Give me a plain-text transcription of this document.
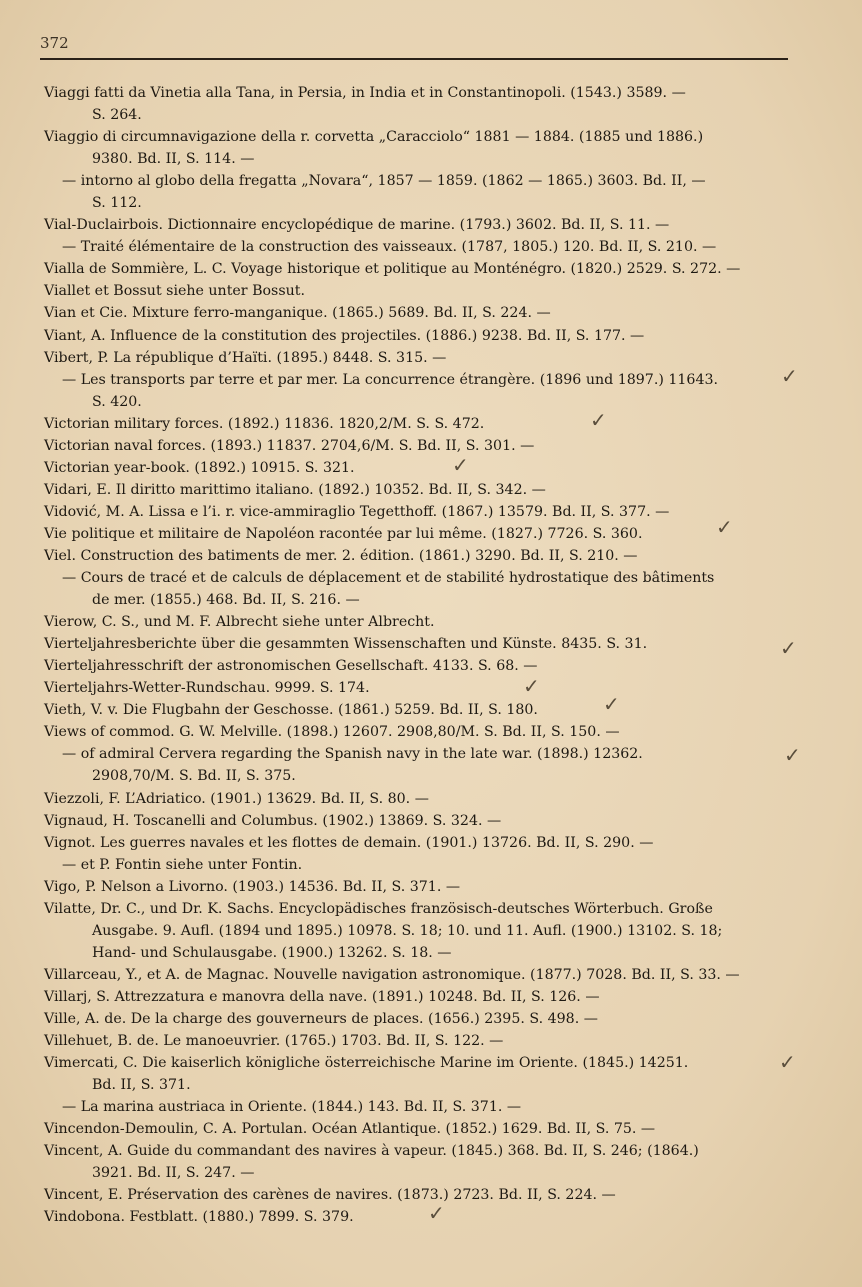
372
Viaggi fatti da Vinetia alla Tana, in Persia, in India et in Constantinopoli. (1543.) 3589. —
S. 264.
Viaggio di circumnavigazione della r. corvetta „Caracciolo“ 1881 — 1884. (1885 und 1886.)
9380. Bd. II, S. 114. —
— intorno al globo della fregatta „Novara“, 1857 — 1859. (1862 — 1865.) 3603. Bd. II, —
S. 112.
Vial-Duclairbois. Dictionnaire encyclopédique de marine. (1793.) 3602. Bd. II, S. 11. —
— Traité élémentaire de la construction des vaisseaux. (1787, 1805.) 120. Bd. II, S. 210. —
Vialla de Sommière, L. C. Voyage historique et politique au Monténégro. (1820.) 2529. S. 272. —
Viallet et Bossut siehe unter Bossut.
Vian et Cie. Mixture ferro-manganique. (1865.) 5689. Bd. II, S. 224. —
Viant, A. Influence de la constitution des projectiles. (1886.) 9238. Bd. II, S. 177. —
Vibert, P. La république d’Haïti. (1895.) 8448. S. 315. —
— Les transports par terre et par mer. La concurrence étrangère. (1896 und 1897.) 11643.
S. 420.
Victorian military forces. (1892.) 11836. 1820,2/M. S. S. 472.
Victorian naval forces. (1893.) 11837. 2704,6/M. S. Bd. II, S. 301. —
Victorian year-book. (1892.) 10915. S. 321.
Vidari, E. Il diritto marittimo italiano. (1892.) 10352. Bd. II, S. 342. —
Vidović, M. A. Lissa e l’i. r. vice-ammiraglio Tegetthoff. (1867.) 13579. Bd. II, S. 377. —
Vie politique et militaire de Napoléon racontée par lui même. (1827.) 7726. S. 360.
Viel. Construction des batiments de mer. 2. édition. (1861.) 3290. Bd. II, S. 210. —
— Cours de tracé et de calculs de déplacement et de stabilité hydrostatique des bâtiments
de mer. (1855.) 468. Bd. II, S. 216. —
Vierow, C. S., und M. F. Albrecht siehe unter Albrecht.
Vierteljahresberichte über die gesammten Wissenschaften und Künste. 8435. S. 31.
Vierteljahresschrift der astronomischen Gesellschaft. 4133. S. 68. —
Vierteljahrs-Wetter-Rundschau. 9999. S. 174.
Vieth, V. v. Die Flugbahn der Geschosse. (1861.) 5259. Bd. II, S. 180.
Views of commod. G. W. Melville. (1898.) 12607. 2908,80/M. S. Bd. II, S. 150. —
— of admiral Cervera regarding the Spanish navy in the late war. (1898.) 12362.
2908,70/M. S. Bd. II, S. 375.
Viezzoli, F. L’Adriatico. (1901.) 13629. Bd. II, S. 80. —
Vignaud, H. Toscanelli and Columbus. (1902.) 13869. S. 324. —
Vignot. Les guerres navales et les flottes de demain. (1901.) 13726. Bd. II, S. 290. —
— et P. Fontin siehe unter Fontin.
Vigo, P. Nelson a Livorno. (1903.) 14536. Bd. II, S. 371. —
Vilatte, Dr. C., und Dr. K. Sachs. Encyclopädisches französisch-deutsches Wörterbuch. Große
Ausgabe. 9. Aufl. (1894 und 1895.) 10978. S. 18; 10. und 11. Aufl. (1900.) 13102. S. 18;
Hand- und Schulausgabe. (1900.) 13262. S. 18. —
Villarceau, Y., et A. de Magnac. Nouvelle navigation astronomique. (1877.) 7028. Bd. II, S. 33. —
Villarj, S. Attrezzatura e manovra della nave. (1891.) 10248. Bd. II, S. 126. —
Ville, A. de. De la charge des gouverneurs de places. (1656.) 2395. S. 498. —
Villehuet, B. de. Le manoeuvrier. (1765.) 1703. Bd. II, S. 122. —
Vimercati, C. Die kaiserlich königliche österreichische Marine im Oriente. (1845.) 14251.
Bd. II, S. 371.
— La marina austriaca in Oriente. (1844.) 143. Bd. II, S. 371. —
Vincendon-Demoulin, C. A. Portulan. Océan Atlantique. (1852.) 1629. Bd. II, S. 75. —
Vincent, A. Guide du commandant des navires à vapeur. (1845.) 368. Bd. II, S. 246; (1864.)
3921. Bd. II, S. 247. —
Vincent, E. Préservation des carènes de navires. (1873.) 2723. Bd. II, S. 224. —
Vindobona. Festblatt. (1880.) 7899. S. 379.
✓
✓
✓
✓
✓
✓
✓
✓
✓
✓
